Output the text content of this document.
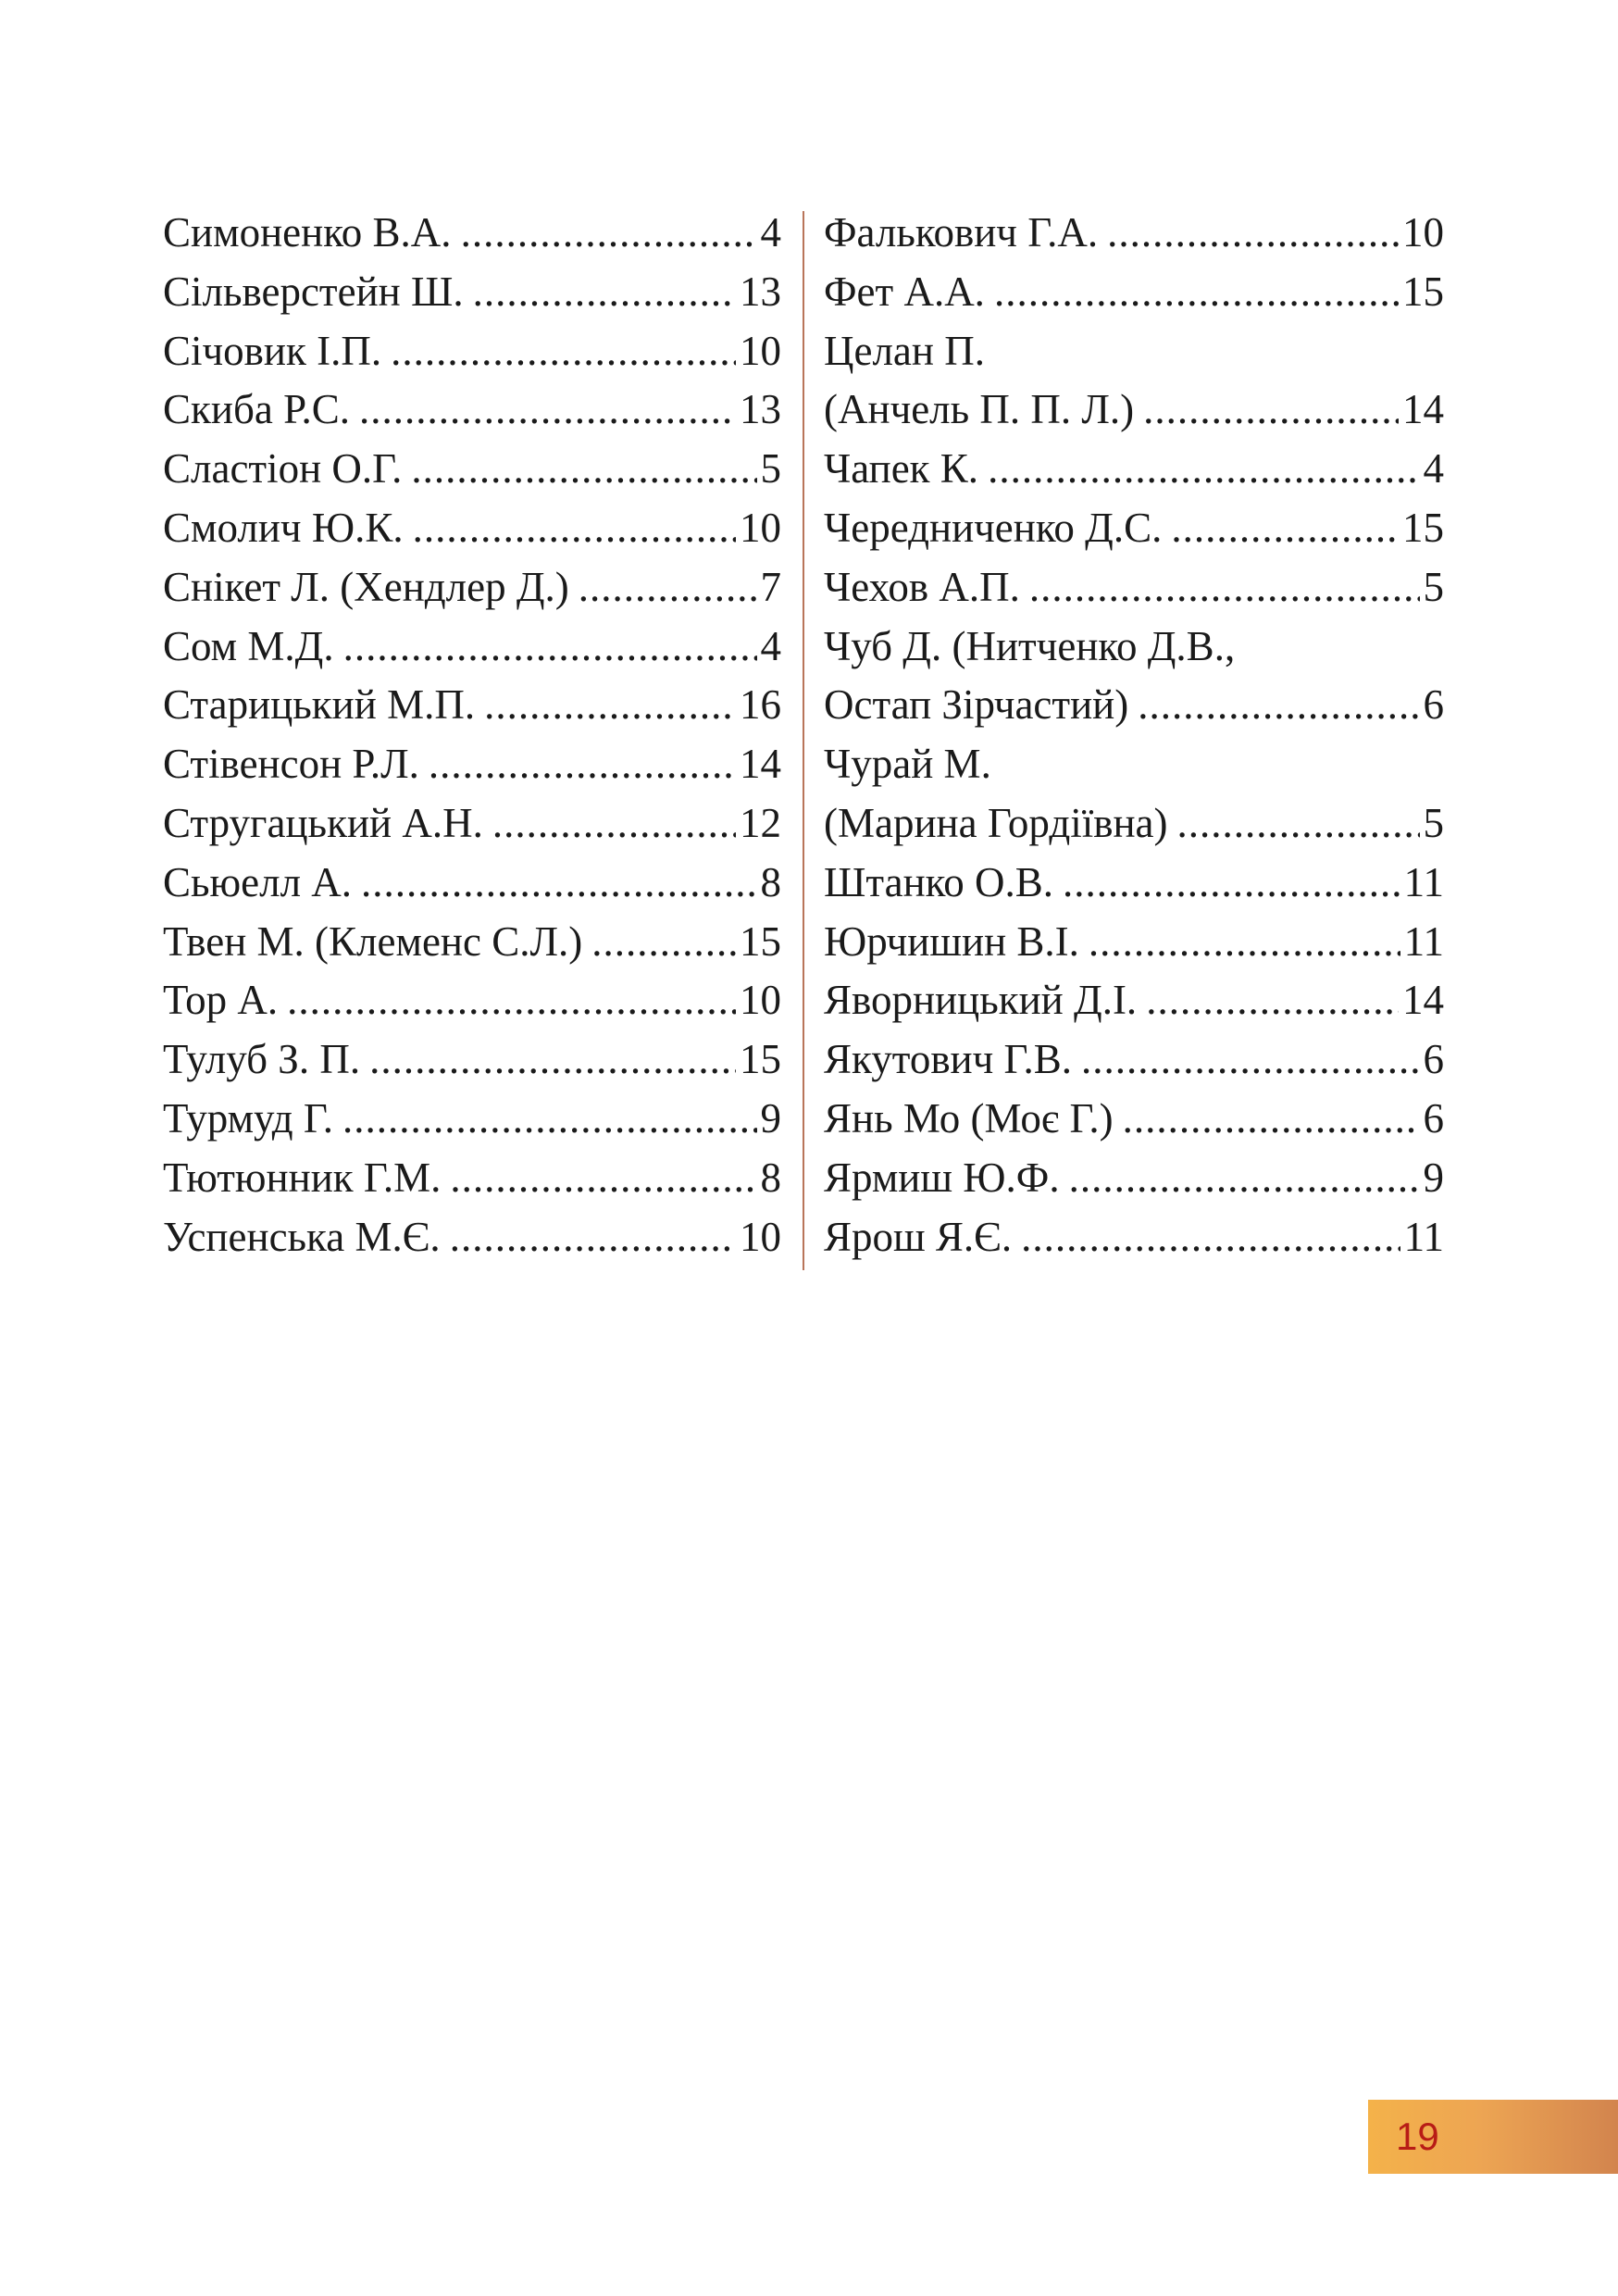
Симоненко В.А. .....	4
Сільверстейн Ш. .....	13
Січовик І.П. .....	10
Скиба Р.С. .....	13
Сластіон О.Г. .....	5
Смолич Ю.К. .....	10
Снікет Л. (Хендлер Д.) .....	7
Сом М.Д. .....	4
Старицький М.П. .....	16
Стівенсон Р.Л. .....	14
Стругацький А.Н. .....	12
Сьюелл А. .....	8
Твен М. (Клеменс С.Л.) .....	15
Тор А. .....	10
Тулуб З. П. .....	15
Турмуд Г. .....	9
Тютюнник Г.М. .....	8
Успенська М.Є. .....	10
Фалькович Г.А. .....	10
Фет А.А. .....	15
Целан П.
(Анчель П. П. Л.) .....	14
Чапек К. .....	4
Чередниченко Д.С. .....	15
Чехов А.П. .....	5
Чуб Д. (Нитченко Д.В.,
Остап Зірчастий) .....	6
Чурай М.
(Марина Гордіївна) .....	5
Штанко О.В. .....	11
Юрчишин В.І. .....	11
Яворницький Д.І. .....	14
Якутович Г.В. .....	6
Янь Мо (Моє Г.) .....	6
Ярмиш Ю.Ф. .....	9
Ярош Я.Є. .....	11
19
